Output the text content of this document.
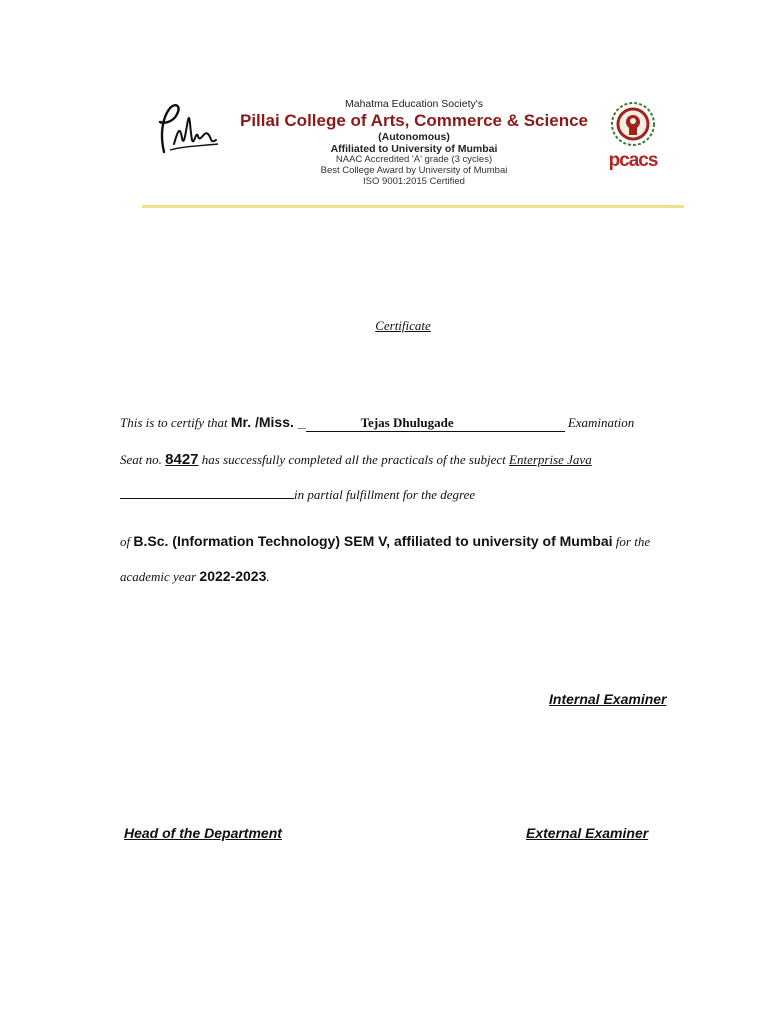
Mahatma Education Society's
Pillai College of Arts, Commerce & Science
(Autonomous)
Affiliated to University of Mumbai
NAAC Accredited 'A' grade (3 cycles)
Best College Award by University of Mumbai
ISO 9001:2015 Certified
pcacs
Certificate
This is to certify that Mr. /Miss. _	Tejas Dhulugade	Examination
Seat no. 8427 has successfully completed all the practicals of the subject Enterprise Java
in partial fulfillment for the degree
of B.Sc. (Information Technology) SEM V, affiliated to university of Mumbai for the
academic year 2022-2023.
Internal Examiner
Head of the Department	External Examiner
